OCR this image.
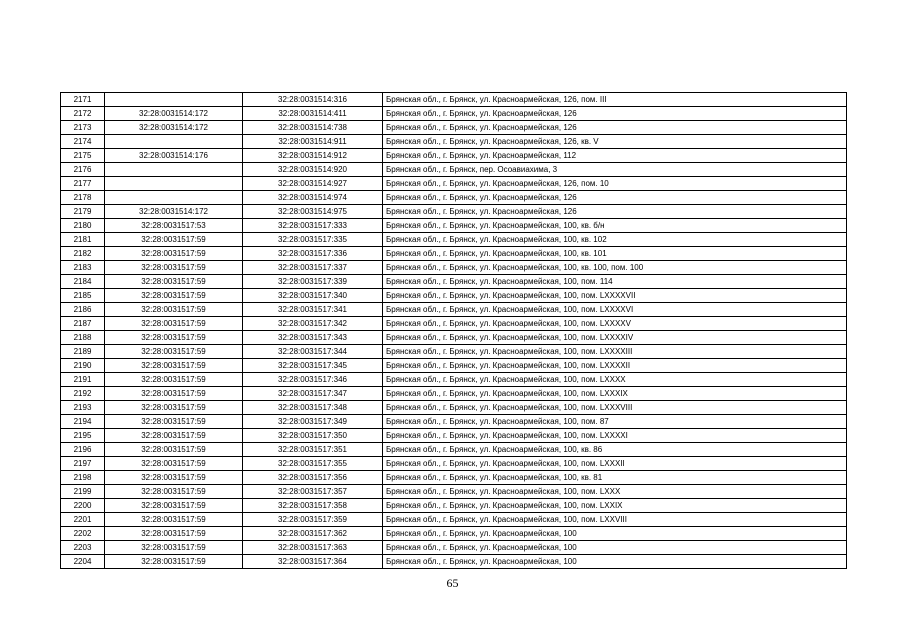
2171		32:28:0031514:316	Брянская обл., г. Брянск, ул. Красноармейская, 126, пом. III
2172	32:28:0031514:172	32:28:0031514:411	Брянская обл., г. Брянск, ул. Красноармейская, 126
2173	32:28:0031514:172	32:28:0031514:738	Брянская обл., г. Брянск, ул. Красноармейская, 126
2174		32:28:0031514:911	Брянская обл., г. Брянск, ул. Красноармейская, 126, кв. V
2175	32:28:0031514:176	32:28:0031514:912	Брянская обл., г. Брянск, ул. Красноармейская, 112
2176		32:28:0031514:920	Брянская обл., г. Брянск, пер. Осоавиахима, 3
2177		32:28:0031514:927	Брянская обл., г. Брянск, ул. Красноармейская, 126, пом. 10
2178		32:28:0031514:974	Брянская обл., г. Брянск, ул. Красноармейская, 126
2179	32:28:0031514:172	32:28:0031514:975	Брянская обл., г. Брянск, ул. Красноармейская, 126
2180	32:28:0031517:53	32:28:0031517:333	Брянская обл., г. Брянск, ул. Красноармейская, 100, кв. б/н
2181	32:28:0031517:59	32:28:0031517:335	Брянская обл., г. Брянск, ул. Красноармейская, 100, кв. 102
2182	32:28:0031517:59	32:28:0031517:336	Брянская обл., г. Брянск, ул. Красноармейская, 100, кв. 101
2183	32:28:0031517:59	32:28:0031517:337	Брянская обл., г. Брянск, ул. Красноармейская, 100, кв. 100, пом. 100
2184	32:28:0031517:59	32:28:0031517:339	Брянская обл., г. Брянск, ул. Красноармейская, 100, пом. 114
2185	32:28:0031517:59	32:28:0031517:340	Брянская обл., г. Брянск, ул. Красноармейская, 100, пом. LXXXXVII
2186	32:28:0031517:59	32:28:0031517:341	Брянская обл., г. Брянск, ул. Красноармейская, 100, пом. LXXXXVI
2187	32:28:0031517:59	32:28:0031517:342	Брянская обл., г. Брянск, ул. Красноармейская, 100, пом. LXXXXV
2188	32:28:0031517:59	32:28:0031517:343	Брянская обл., г. Брянск, ул. Красноармейская, 100, пом. LXXXXIV
2189	32:28:0031517:59	32:28:0031517:344	Брянская обл., г. Брянск, ул. Красноармейская, 100, пом. LXXXXIII
2190	32:28:0031517:59	32:28:0031517:345	Брянская обл., г. Брянск, ул. Красноармейская, 100, пом. LXXXXII
2191	32:28:0031517:59	32:28:0031517:346	Брянская обл., г. Брянск, ул. Красноармейская, 100, пом. LXXXX
2192	32:28:0031517:59	32:28:0031517:347	Брянская обл., г. Брянск, ул. Красноармейская, 100, пом. LXXXIX
2193	32:28:0031517:59	32:28:0031517:348	Брянская обл., г. Брянск, ул. Красноармейская, 100, пом. LXXXVIII
2194	32:28:0031517:59	32:28:0031517:349	Брянская обл., г. Брянск, ул. Красноармейская, 100, пом. 87
2195	32:28:0031517:59	32:28:0031517:350	Брянская обл., г. Брянск, ул. Красноармейская, 100, пом. LXXXXI
2196	32:28:0031517:59	32:28:0031517:351	Брянская обл., г. Брянск, ул. Красноармейская, 100, кв. 86
2197	32:28:0031517:59	32:28:0031517:355	Брянская обл., г. Брянск, ул. Красноармейская, 100, пом. LXXXII
2198	32:28:0031517:59	32:28:0031517:356	Брянская обл., г. Брянск, ул. Красноармейская, 100, кв. 81
2199	32:28:0031517:59	32:28:0031517:357	Брянская обл., г. Брянск, ул. Красноармейская, 100, пом. LXXX
2200	32:28:0031517:59	32:28:0031517:358	Брянская обл., г. Брянск, ул. Красноармейская, 100, пом. LXXIX
2201	32:28:0031517:59	32:28:0031517:359	Брянская обл., г. Брянск, ул. Красноармейская, 100, пом. LXXVIII
2202	32:28:0031517:59	32:28:0031517:362	Брянская обл., г. Брянск, ул. Красноармейская, 100
2203	32:28:0031517:59	32:28:0031517:363	Брянская обл., г. Брянск, ул. Красноармейская, 100
2204	32:28:0031517:59	32:28:0031517:364	Брянская обл., г. Брянск, ул. Красноармейская, 100
65
